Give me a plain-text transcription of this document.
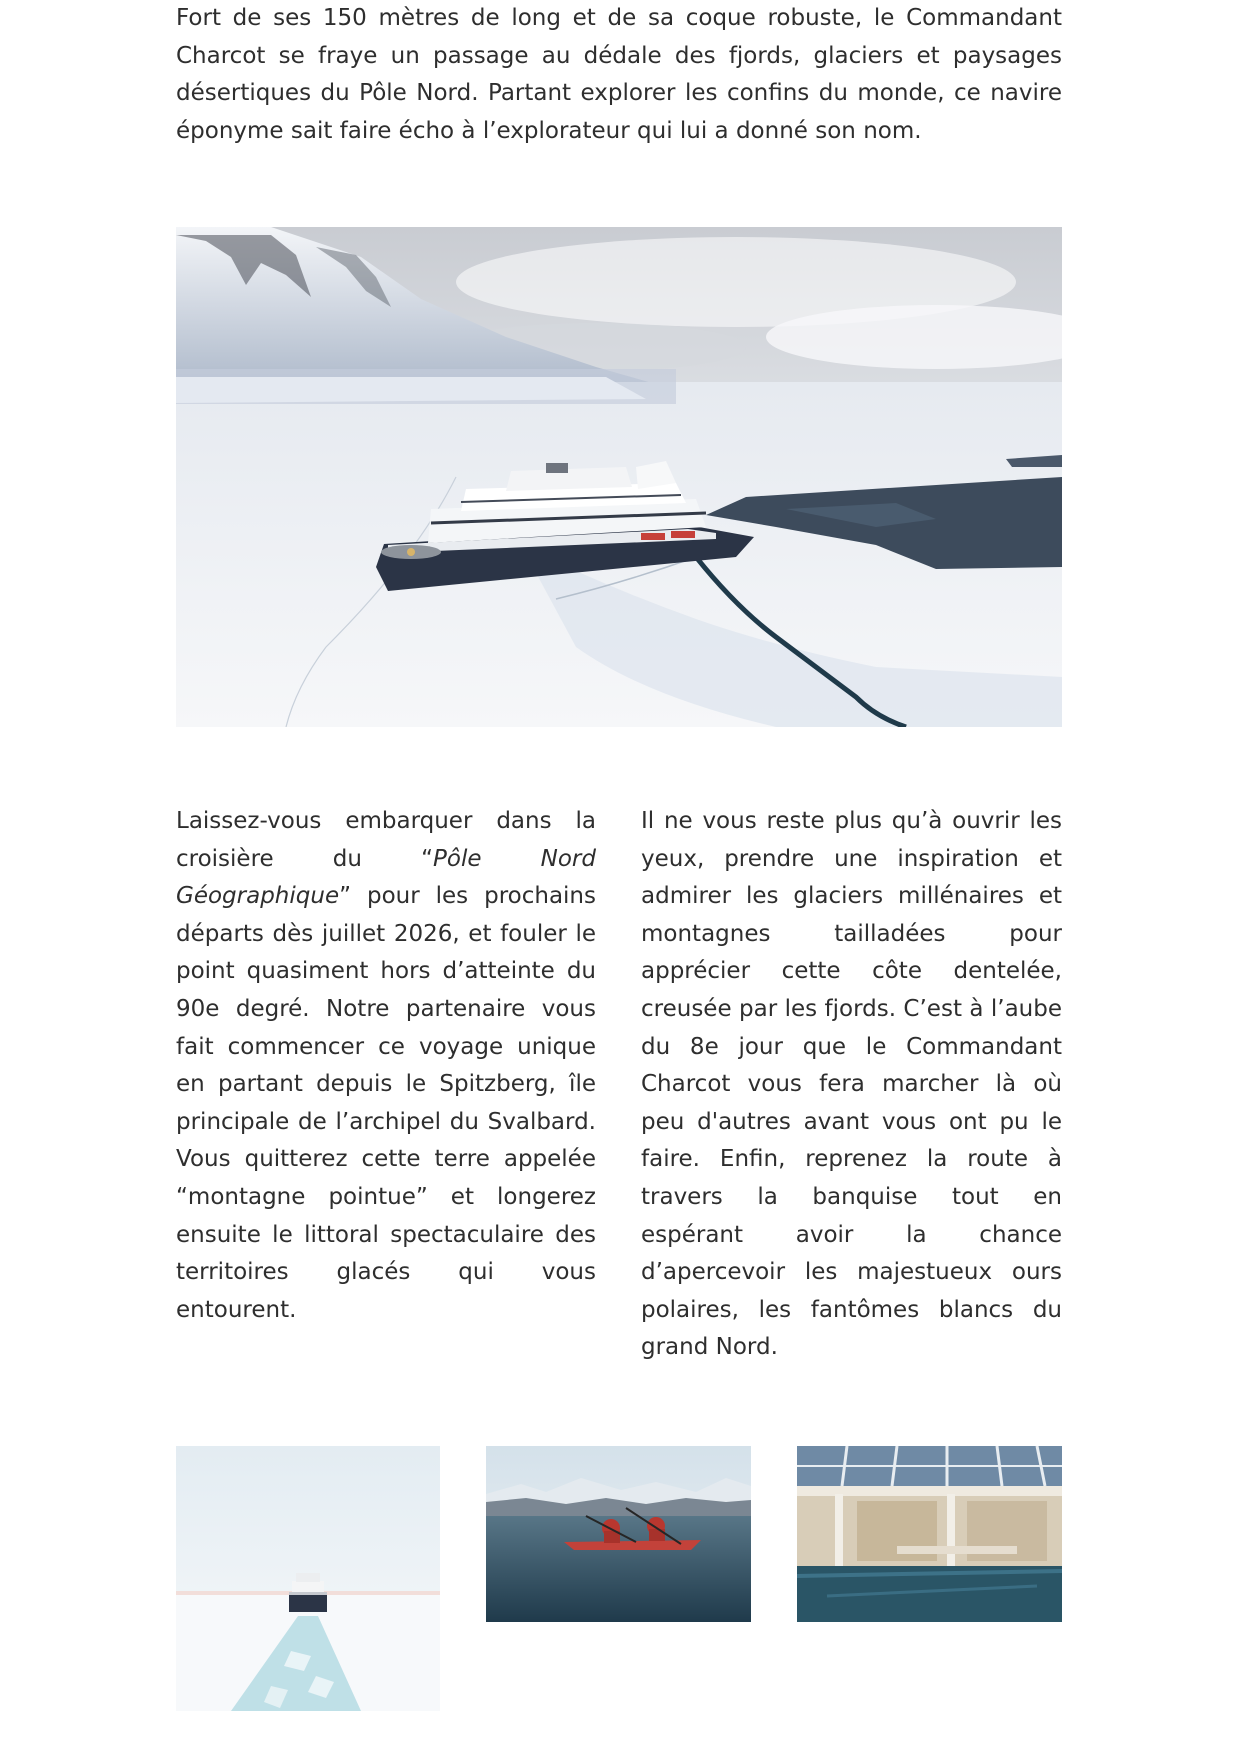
Fort de ses 150 mètres de long et de sa coque robuste, le Commandant Charcot se fraye un passage au dédale des fjords, glaciers et paysages désertiques du Pôle Nord. Partant explorer les confins du monde, ce navire éponyme sait faire écho à l’explorateur qui lui a donné son nom.

Laissez-vous embarquer dans la croisière du “Pôle Nord Géographique” pour les prochains départs dès juillet 2026, et fouler le point quasiment hors d’atteinte du 90e degré. Notre partenaire vous fait commencer ce voyage unique en partant depuis le Spitzberg, île principale de l’archipel du Svalbard. Vous quitterez cette terre appelée “montagne pointue” et longerez ensuite le littoral spectaculaire des territoires glacés qui vous entourent.

Il ne vous reste plus qu’à ouvrir les yeux, prendre une inspiration et admirer les glaciers millénaires et montagnes tailladées pour apprécier cette côte dentelée, creusée par les fjords. C’est à l’aube du 8e jour que le Commandant Charcot vous fera marcher là où peu d'autres avant vous ont pu le faire. Enfin, reprenez la route à travers la banquise tout en espérant avoir la chance d’apercevoir les majestueux ours polaires, les fantômes blancs du grand Nord.
